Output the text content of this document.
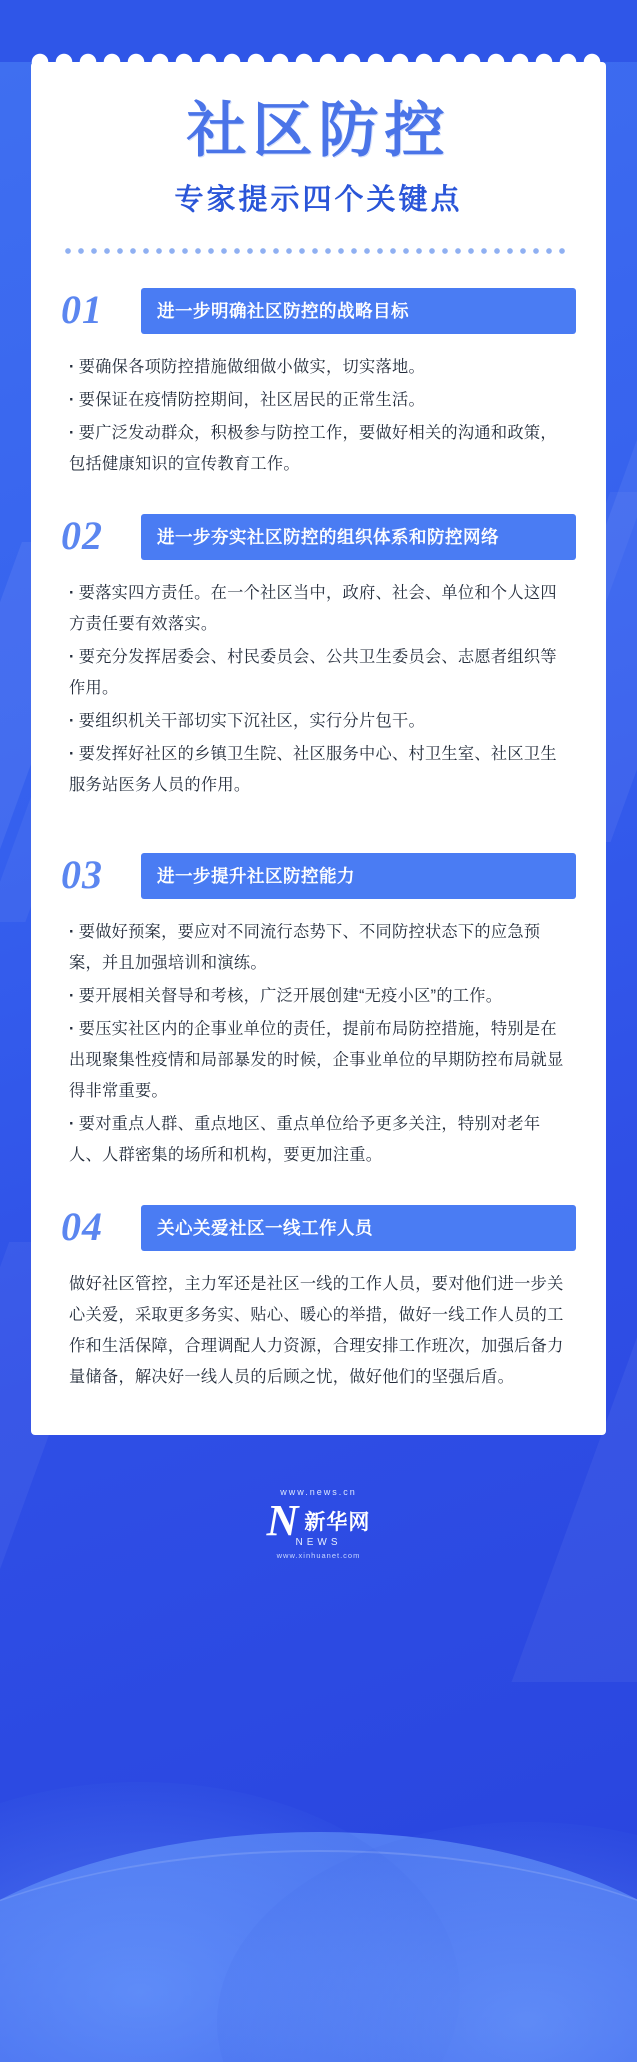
社区防控
专家提示四个关键点
01	进一步明确社区防控的战略目标

· 要确保各项防控措施做细做小做实，切实落地。

· 要保证在疫情防控期间，社区居民的正常生活。

· 要广泛发动群众，积极参与防控工作，要做好相关的沟通和政策，包括健康知识的宣传教育工作。

02	进一步夯实社区防控的组织体系和防控网络

· 要落实四方责任。在一个社区当中，政府、社会、单位和个人这四方责任要有效落实。

· 要充分发挥居委会、村民委员会、公共卫生委员会、志愿者组织等作用。

· 要组织机关干部切实下沉社区，实行分片包干。

· 要发挥好社区的乡镇卫生院、社区服务中心、村卫生室、社区卫生服务站医务人员的作用。

03	进一步提升社区防控能力

· 要做好预案，要应对不同流行态势下、不同防控状态下的应急预案，并且加强培训和演练。

· 要开展相关督导和考核，广泛开展创建“无疫小区”的工作。

· 要压实社区内的企事业单位的责任，提前布局防控措施，特别是在出现聚集性疫情和局部暴发的时候，企事业单位的早期防控布局就显得非常重要。

· 要对重点人群、重点地区、重点单位给予更多关注，特别对老年人、人群密集的场所和机构，要更加注重。

04	关心关爱社区一线工作人员

做好社区管控，主力军还是社区一线的工作人员，要对他们进一步关心关爱，采取更多务实、贴心、暖心的举措，做好一线工作人员的工作和生活保障，合理调配人力资源，合理安排工作班次，加强后备力量储备，解决好一线人员的后顾之忧，做好他们的坚强后盾。

www.news.cn
N 新华网
NEWS
www.xinhuanet.com
